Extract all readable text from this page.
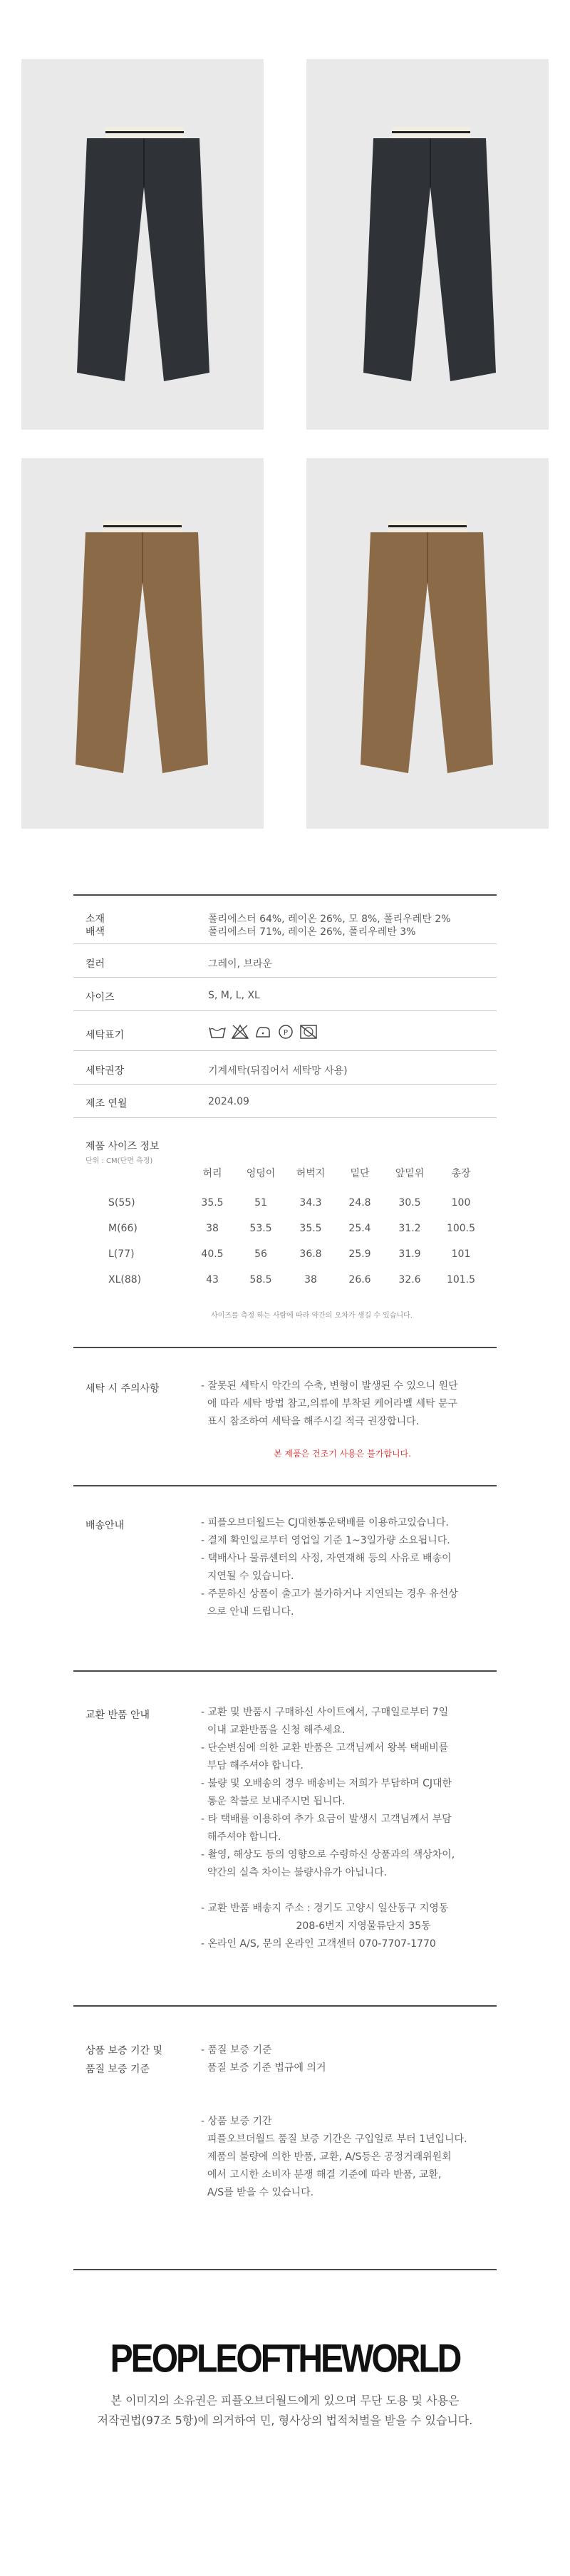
소재	폴리에스터 64%, 레이온 26%, 모 8%, 폴리우레탄 2%
배색	폴리에스터 71%, 레이온 26%, 폴리우레탄 3%
컬러	그레이, 브라운
사이즈	S, M, L, XL
세탁표기	P
세탁권장	기계세탁(뒤집어서 세탁망 사용)
제조 연월	2024.09
제품 사이즈 정보
단위 : CM(단면 측정)
허리	엉덩이	허벅지	밑단	앞밑위	총장
S(55)	35.5	51	34.3	24.8	30.5	100
M(66)	38	53.5	35.5	25.4	31.2	100.5
L(77)	40.5	56	36.8	25.9	31.9	101
XL(88)	43	58.5	38	26.6	32.6	101.5
사이즈를 측정 하는 사람에 따라 약간의 오차가 생길 수 있습니다.
세탁 시 주의사항	- 잘못된 세탁시 악간의 수축, 변형이 발생된 수 있으니 원단
에 따라 세탁 방법 참고,의류에 부착된 케어라벨 세탁 문구
표시 참조하여 세탁을 해주시길 적극 권장합니다.
본 제품은 건조기 사용은 불가합니다.
배송안내	- 피플오브더월드는 CJ대한통운택배를 이용하고있습니다.
- 결제 확인일로부터 영업일 기준 1~3일가량 소요됩니다.
- 택배사나 물류센터의 사정, 자연재해 등의 사유로 배송이
지연될 수 있습니다.
- 주문하신 상품이 출고가 불가하거나 지연되는 경우 유선상
으로 안내 드립니다.
교환 반품 안내	- 교환 및 반품시 구매하신 사이트에서, 구매일로부터 7일
이내 교환반품을 신청 해주세요.
- 단순변심에 의한 교환 반품은 고객님께서 왕복 택배비를
부담 해주셔야 합니다.
- 불량 및 오배송의 경우 배송비는 저희가 부담하며 CJ대한
통운 착불로 보내주시면 됩니다.
- 타 택배를 이용하여 추가 요금이 발생시 고객님께서 부담
해주셔야 합니다.
- 촬영, 해상도 등의 영향으로 수령하신 상품과의 색상차이,
약간의 실측 차이는 불량사유가 아닙니다.
- 교환 반품 배송지 주소 : 경기도 고양시 일산동구 지영동
208-6번지 지영물류단지 35동
- 온라인 A/S, 문의 온라인 고객센터 070-7707-1770
상품 보증 기간 및
품질 보증 기준
- 품질 보증 기준
품질 보증 기준 법규에 의거
- 상품 보증 기간
피플오브더월드 품질 보증 기간은 구입일로 부터 1년입니다.
제품의 불량에 의한 반품, 교환, A/S등은 공정거래위원회
에서 고시한 소비자 분쟁 해결 기준에 따라 반품, 교환,
A/S를 받을 수 있습니다.
PEOPLEOFTHEWORLD
본 이미지의 소유권은 피플오브더월드에게 있으며 무단 도용 및 사용은
저작권법(97조 5항)에 의거하여 민, 형사상의 법적처벌을 받을 수 있습니다.
